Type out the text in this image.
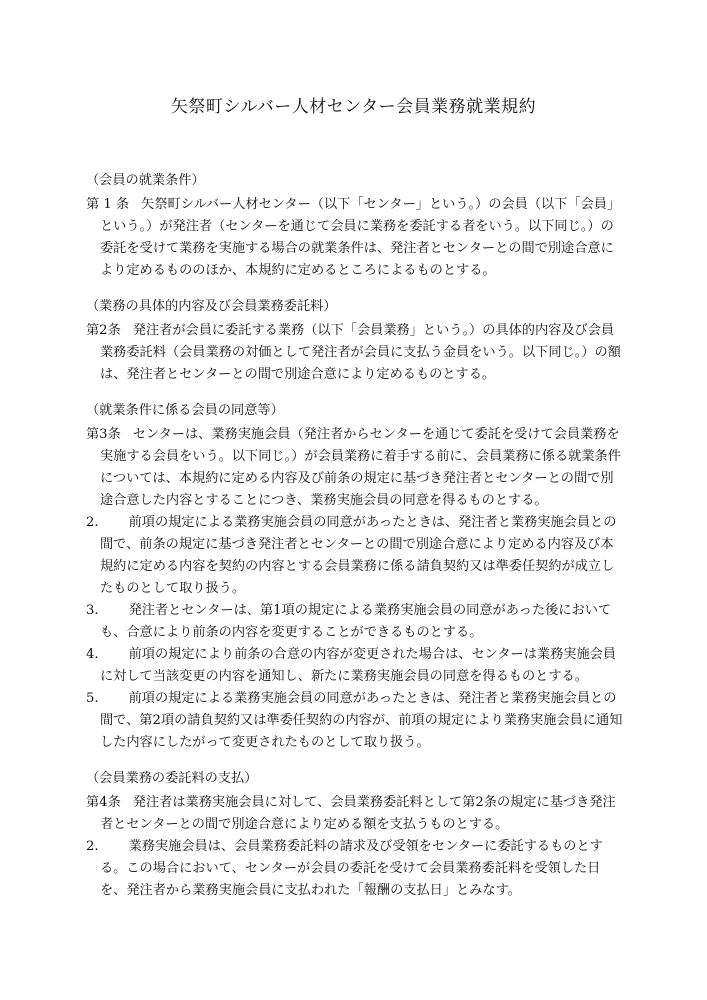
矢祭町シルバー人材センター会員業務就業規約
（会員の就業条件）

第 1 条 矢祭町シルバー人材センター（以下「センター」という。）の会員（以下「会員」という。）が発注者（センターを通じて会員に業務を委託する者をいう。以下同じ。）の委託を受けて業務を実施する場合の就業条件は、発注者とセンターとの間で別途合意により定めるもののほか、本規約に定めるところによるものとする。

（業務の具体的内容及び会員業務委託料）

第2条 発注者が会員に委託する業務（以下「会員業務」という。）の具体的内容及び会員業務委託料（会員業務の対価として発注者が会員に支払う金員をいう。以下同じ。）の額は、発注者とセンターとの間で別途合意により定めるものとする。

（就業条件に係る会員の同意等）

第3条 センターは、業務実施会員（発注者からセンターを通じて委託を受けて会員業務を実施する会員をいう。以下同じ。）が会員業務に着手する前に、会員業務に係る就業条件については、本規約に定める内容及び前条の規定に基づき発注者とセンターとの間で別途合意した内容とすることにつき、業務実施会員の同意を得るものとする。

2. 前項の規定による業務実施会員の同意があったときは、発注者と業務実施会員との間で、前条の規定に基づき発注者とセンターとの間で別途合意により定める内容及び本規約に定める内容を契約の内容とする会員業務に係る請負契約又は準委任契約が成立したものとして取り扱う。

3. 発注者とセンターは、第1項の規定による業務実施会員の同意があった後においても、合意により前条の内容を変更することができるものとする。

4. 前項の規定により前条の合意の内容が変更された場合は、センターは業務実施会員に対して当該変更の内容を通知し、新たに業務実施会員の同意を得るものとする。

5. 前項の規定による業務実施会員の同意があったときは、発注者と業務実施会員との間で、第2項の請負契約又は準委任契約の内容が、前項の規定により業務実施会員に通知した内容にしたがって変更されたものとして取り扱う。

（会員業務の委託料の支払）

第4条 発注者は業務実施会員に対して、会員業務委託料として第2条の規定に基づき発注者とセンターとの間で別途合意により定める額を支払うものとする。

2. 業務実施会員は、会員業務委託料の請求及び受領をセンターに委託するものとする。この場合において、センターが会員の委託を受けて会員業務委託料を受領した日を、発注者から業務実施会員に支払われた「報酬の支払日」とみなす。
